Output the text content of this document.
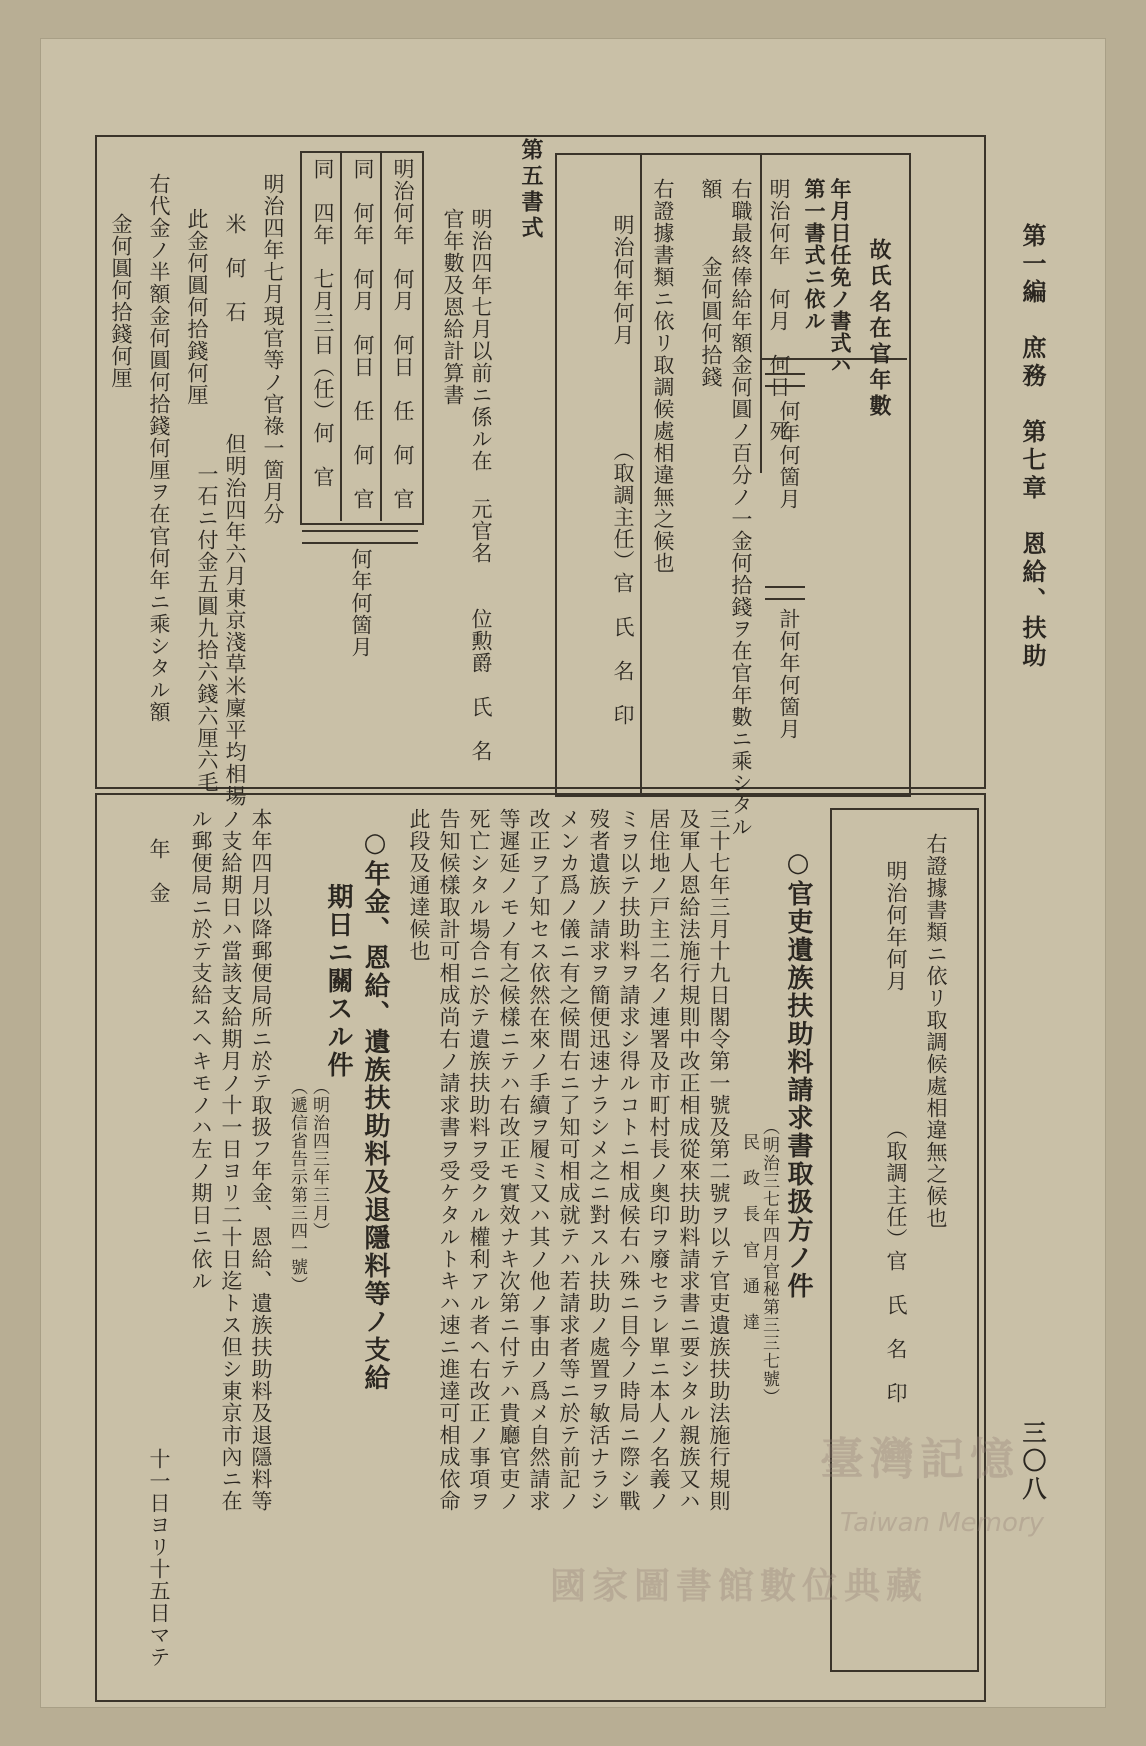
第一編　庶務　第七章　恩給、扶助
三〇八
故氏名在官年數
年月日任免ノ書式ハ
第一書式ニ依ル
明治何年　何月　何日　死
何年何箇月
計何年何箇月
右職最終俸給年額金何圓ノ百分ノ一金何拾錢ヲ在官年數ニ乘シタル
額
金何圓何拾錢
右證據書類ニ依リ取調候處相違無之候也
明治何年何月
（取調主任）官　氏　名　印
第五書式
明治四年七月以前ニ係ル在
官年數及恩給計算書
元官名　　位勲爵　氏　名
明治何年　何月　何日　任　何　官
同　何年　何月　何日　任　何　官
同　四年　七月三日（任）何　官
何年何箇月
明治四年七月現官等ノ官祿一箇月分
米　何　石
但明治四年六月東京淺草米廩平均相場
一石ニ付金五圓九拾六錢六厘六毛
此金何圓何拾錢何厘
右代金ノ半額金何圓何拾錢何厘ヲ在官何年ニ乘シタル額
金何圓何拾錢何厘
右證據書類ニ依リ取調候處相違無之候也
明治何年何月
（取調主任）官　氏　名　印
○官吏遺族扶助料請求書取扱方ノ件
（明治三七年四月官秘第三三七號）
民　政　長　官　通　達
三十七年三月十九日閣令第一號及第二號ヲ以テ官吏遺族扶助法施行規則
及軍人恩給法施行規則中改正相成從來扶助料請求書ニ要シタル親族又ハ
居住地ノ戸主二名ノ連署及市町村長ノ奥印ヲ廢セラレ單ニ本人ノ名義ノ
ミヲ以テ扶助料ヲ請求シ得ルコトニ相成候右ハ殊ニ目今ノ時局ニ際シ戰
歿者遺族ノ請求ヲ簡便迅速ナラシメ之ニ對スル扶助ノ處置ヲ敏活ナラシ
メンカ爲ノ儀ニ有之候間右ニ了知可相成就テハ若請求者等ニ於テ前記ノ
改正ヲ了知セス依然在來ノ手續ヲ履ミ又ハ其ノ他ノ事由ノ爲メ自然請求
等遲延ノモノ有之候樣ニテハ右改正モ實效ナキ次第ニ付テハ貴廳官吏ノ
死亡シタル場合ニ於テ遺族扶助料ヲ受クル權利アル者ヘ右改正ノ事項ヲ
告知候樣取計可相成尚右ノ請求書ヲ受ケタルトキハ速ニ進達可相成依命
此段及通達候也
○年金、恩給、遺族扶助料及退隱料等ノ支給
期日ニ關スル件
（明治四三年三月）
（遞信省告示第三四一號）
本年四月以降郵便局所ニ於テ取扱フ年金、恩給、遺族扶助料及退隱料等
ノ支給期日ハ當該支給期月ノ十一日ヨリ二十日迄トス但シ東京市內ニ在
ル郵便局ニ於テ支給スヘキモノハ左ノ期日ニ依ル
年　金
十一日ヨリ十五日マテ	臺灣記憶
Taiwan Memory
國家圖書館數位典藏
